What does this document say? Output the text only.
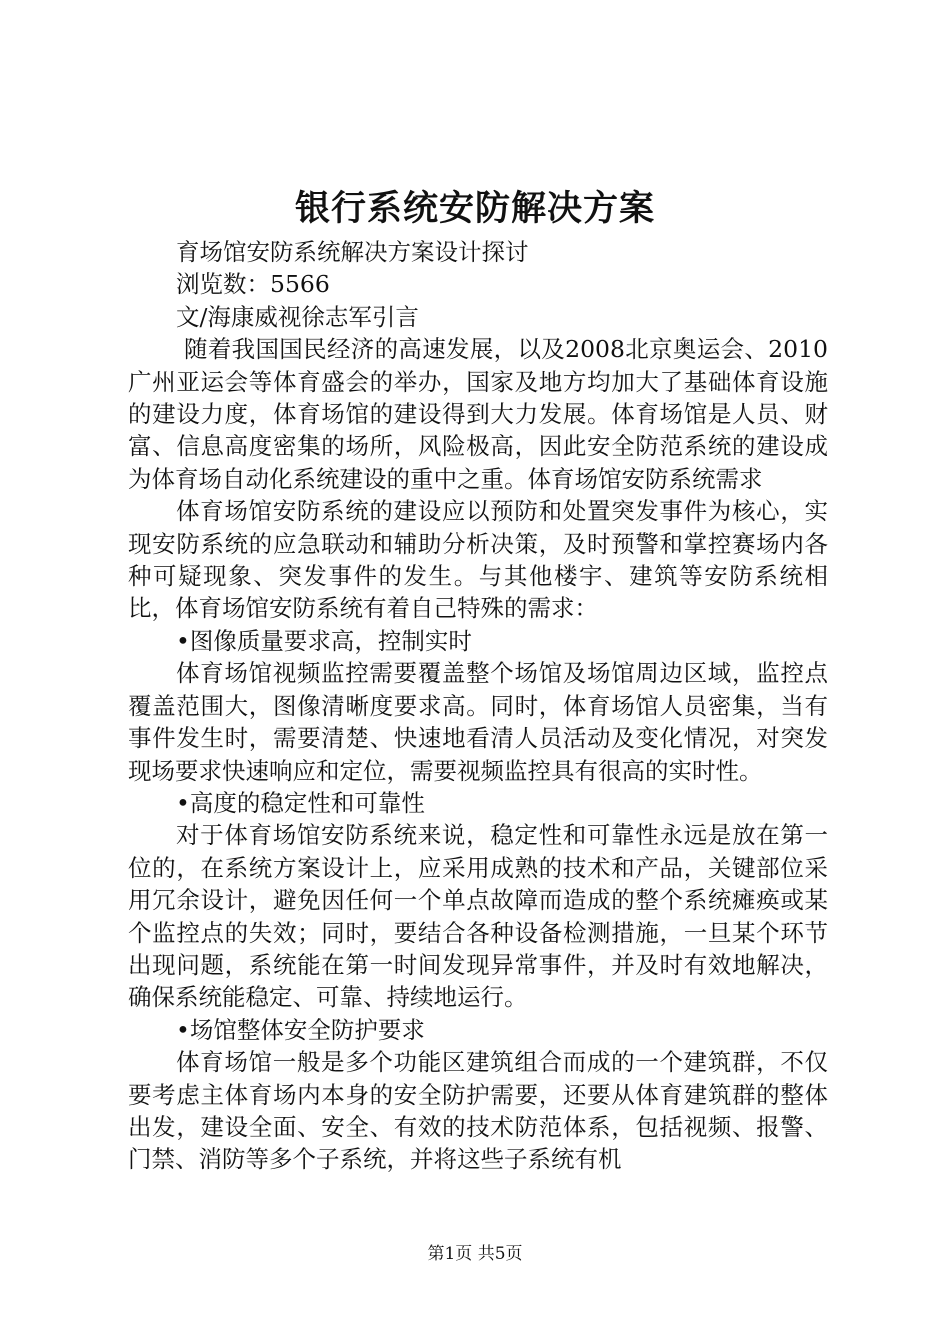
银行系统安防解决方案

育场馆安防系统解决方案设计探讨

浏览数：5566

文/海康威视徐志军引言

随着我国国民经济的高速发展，以及2008北京奥运会、2010广州亚运会等体育盛会的举办，国家及地方均加大了基础体育设施的建设力度，体育场馆的建设得到大力发展。体育场馆是人员、财富、信息高度密集的场所，风险极高，因此安全防范系统的建设成为体育场自动化系统建设的重中之重。体育场馆安防系统需求

体育场馆安防系统的建设应以预防和处置突发事件为核心，实现安防系统的应急联动和辅助分析决策，及时预警和掌控赛场内各种可疑现象、突发事件的发生。与其他楼宇、建筑等安防系统相比，体育场馆安防系统有着自己特殊的需求：

•图像质量要求高，控制实时

体育场馆视频监控需要覆盖整个场馆及场馆周边区域，监控点覆盖范围大，图像清晰度要求高。同时，体育场馆人员密集，当有事件发生时，需要清楚、快速地看清人员活动及变化情况，对突发现场要求快速响应和定位，需要视频监控具有很高的实时性。

•高度的稳定性和可靠性

对于体育场馆安防系统来说，稳定性和可靠性永远是放在第一位的，在系统方案设计上，应采用成熟的技术和产品，关键部位采用冗余设计，避免因任何一个单点故障而造成的整个系统瘫痪或某个监控点的失效；同时，要结合各种设备检测措施，一旦某个环节出现问题，系统能在第一时间发现异常事件，并及时有效地解决，确保系统能稳定、可靠、持续地运行。

•场馆整体安全防护要求

体育场馆一般是多个功能区建筑组合而成的一个建筑群，不仅要考虑主体育场内本身的安全防护需要，还要从体育建筑群的整体出发，建设全面、安全、有效的技术防范体系，包括视频、报警、门禁、消防等多个子系统，并将这些子系统有机

第1页 共5页
